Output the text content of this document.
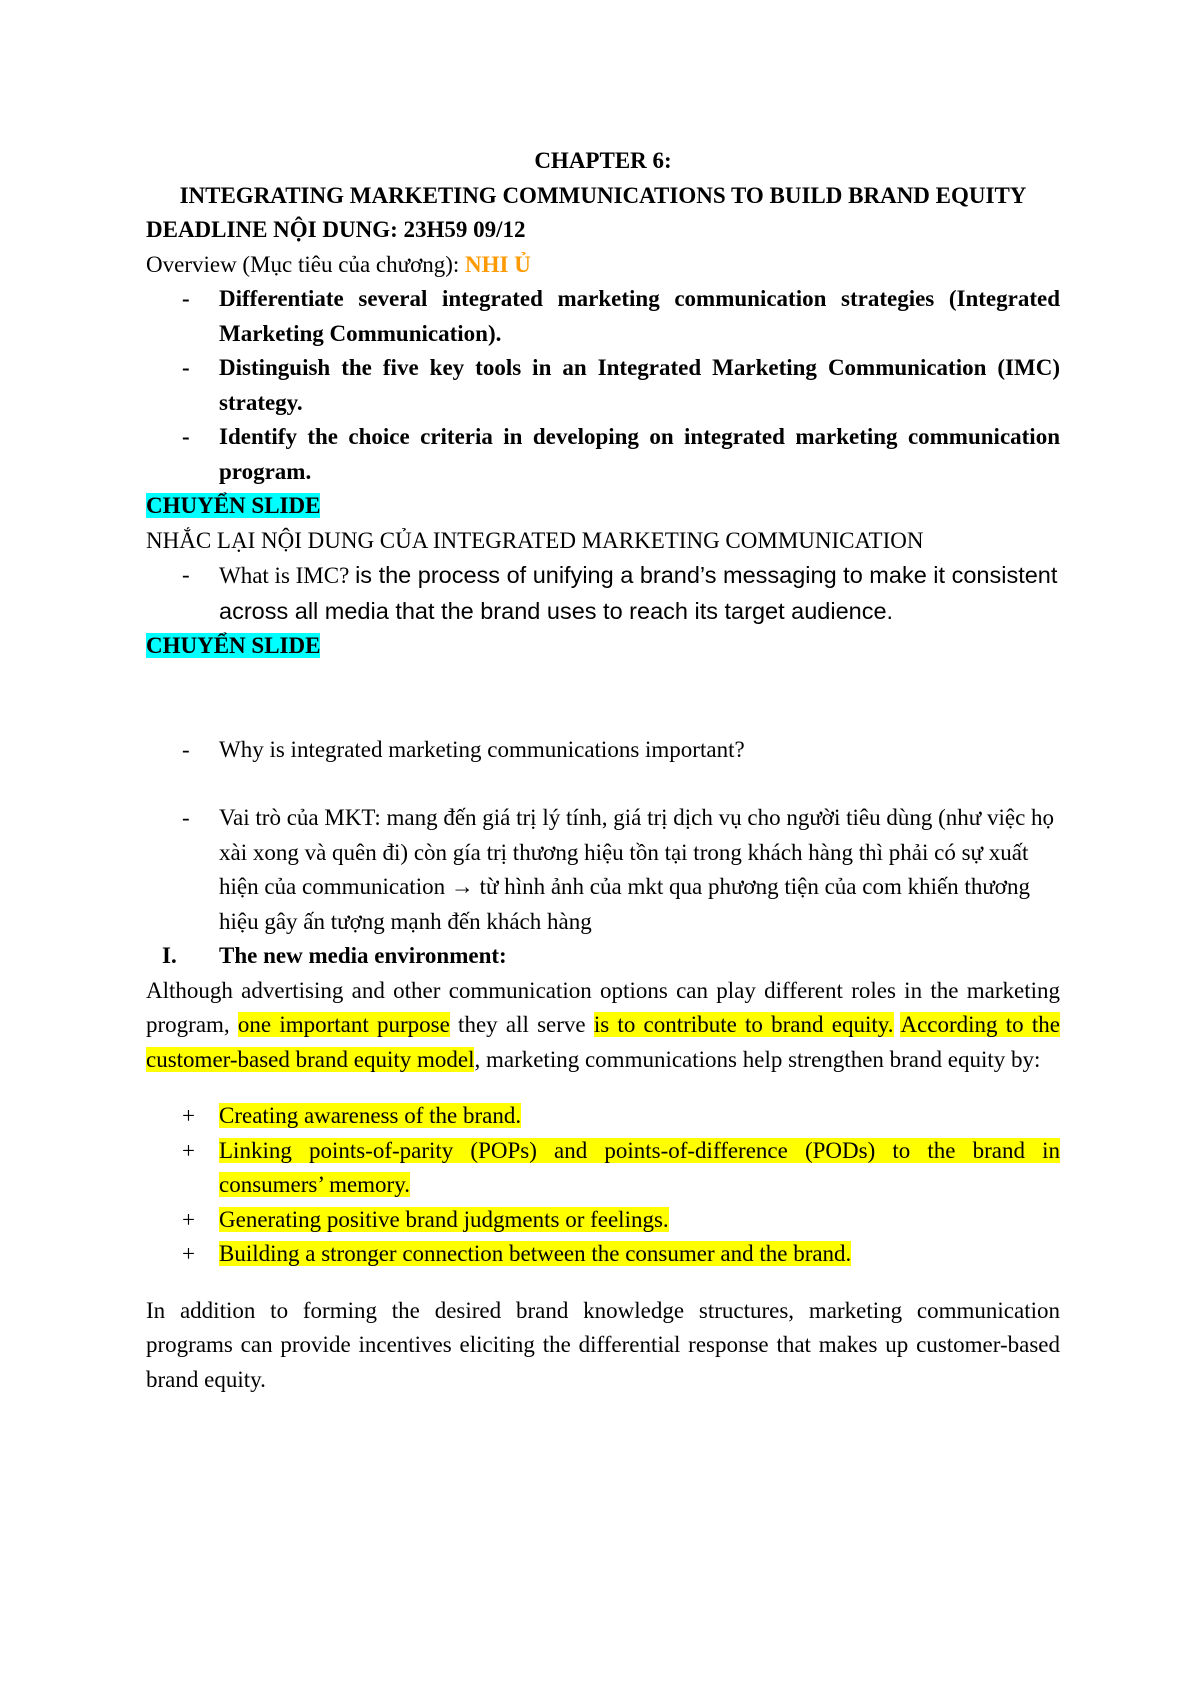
CHAPTER 6:

INTEGRATING MARKETING COMMUNICATIONS TO BUILD BRAND EQUITY

DEADLINE NỘI DUNG: 23H59 09/12

Overview (Mục tiêu của chương): NHI Ủ

-	Differentiate several integrated marketing communication strategies (Integrated Marketing Communication).
-	Distinguish the five key tools in an Integrated Marketing Communication (IMC) strategy.
-	Identify the choice criteria in developing on integrated marketing communication program.

CHUYỂN SLIDE

NHẮC LẠI NỘI DUNG CỦA INTEGRATED MARKETING COMMUNICATION

-	What is IMC? is the process of unifying a brand’s messaging to make it consistent across all media that the brand uses to reach its target audience.

CHUYỂN SLIDE

-	Why is integrated marketing communications important?
-	Vai trò của MKT: mang đến giá trị lý tính, giá trị dịch vụ cho người tiêu dùng (như việc họ xài xong và quên đi) còn gía trị thương hiệu tồn tại trong khách hàng thì phải có sự xuất hiện của communication → từ hình ảnh của mkt qua phương tiện của com khiến thương hiệu gây ấn tượng mạnh đến khách hàng
I.	The new media environment:

Although advertising and other communication options can play different roles in the marketing program, one important purpose they all serve is to contribute to brand equity. According to the customer-based brand equity model, marketing communications help strengthen brand equity by:

+	Creating awareness of the brand.
+	Linking points-of-parity (POPs) and points-of-difference (PODs) to the brand in consumers’ memory.
+	Generating positive brand judgments or feelings.
+	Building a stronger connection between the consumer and the brand.

In addition to forming the desired brand knowledge structures, marketing communication programs can provide incentives eliciting the differential response that makes up customer-based brand equity.
